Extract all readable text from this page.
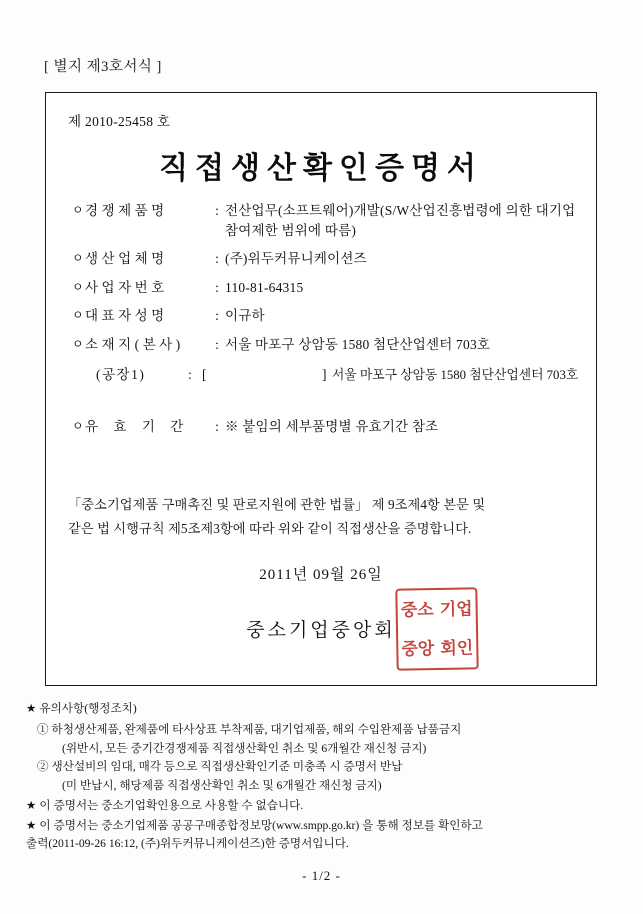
[ 별지 제3호서식 ]
제 2010-25458 호
직접생산확인증명서
ㅇ 경쟁제품명	: 전산업무(소프트웨어)개발(S/W산업진흥법령에 의한 대기업 참여제한 범위에 따름)
ㅇ 생산업체명	: (주)위두커뮤니케이션즈
ㅇ 사업자번호	: 110-81-64315
ㅇ 대표자성명	: 이규하
ㅇ 소재지(본사)	: 서울 마포구 상암동 1580 첨단산업센터 703호
(공장1)	: [	] 서울 마포구 상암동 1580 첨단산업센터 703호
ㅇ 유 효 기 간	: ※ 붙임의 세부품명별 유효기간 참조
「중소기업제품 구매촉진 및 판로지원에 관한 법률」 제 9조제4항 본문 및
같은 법 시행규칙 제5조제3항에 따라 위와 같이 직접생산을 증명합니다.
2011년 09월 26일
중소기업중앙회
중소 기업
중앙 회인
★ 유의사항(행정조치)
① 하청생산제품, 완제품에 타사상표 부착제품, 대기업제품, 해외 수입완제품 납품금지
(위반시, 모든 중기간경쟁제품 직접생산확인 취소 및 6개월간 재신청 금지)
② 생산설비의 임대, 매각 등으로 직접생산확인기준 미충족 시 증명서 반납
(미 반납시, 해당제품 직접생산확인 취소 및 6개월간 재신청 금지)
★ 이 증명서는 중소기업확인용으로 사용할 수 없습니다.
★ 이 증명서는 중소기업제품 공공구매종합정보망(www.smpp.go.kr) 을 통해 정보를 확인하고
출력(2011-09-26 16:12, (주)위두커뮤니케이션즈)한 증명서입니다.
- 1/2 -
